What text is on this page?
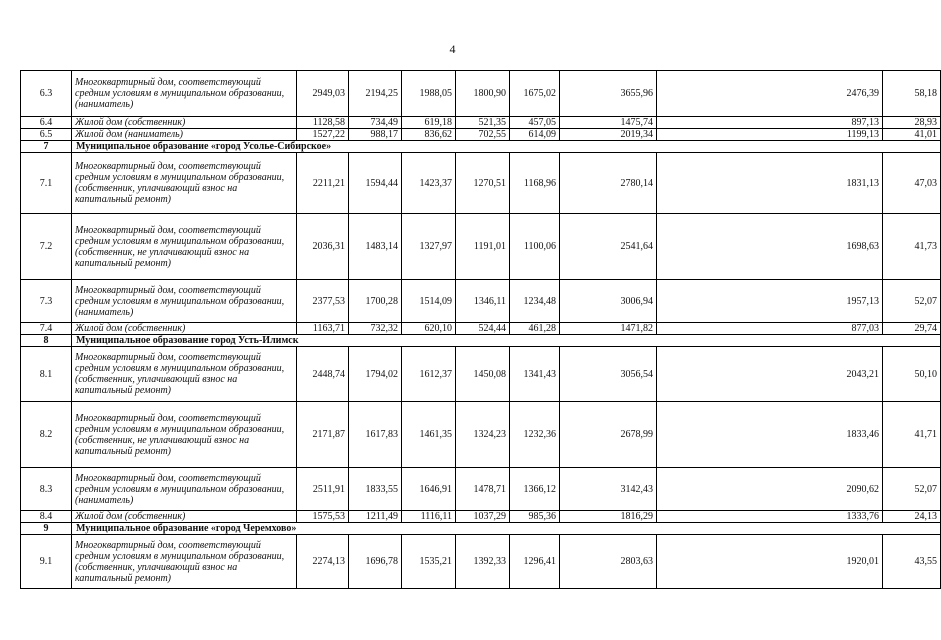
4
6.3	Многоквартирный дом, соответствующий средним условиям в муниципальном образовании, (наниматель)	2949,03	2194,25	1988,05	1800,90	1675,02	3655,96	2476,39	58,18
6.4	Жилой дом (собственник)	1128,58	734,49	619,18	521,35	457,05	1475,74	897,13	28,93
6.5	Жилой дом (наниматель)	1527,22	988,17	836,62	702,55	614,09	2019,34	1199,13	41,01
7	Муниципальное образование «город Усолье-Сибирское»								
7.1	Многоквартирный дом, соответствующий средним условиям в муниципальном образовании, (собственник, уплачивающий взнос на капитальный ремонт)	2211,21	1594,44	1423,37	1270,51	1168,96	2780,14	1831,13	47,03
7.2	Многоквартирный дом, соответствующий средним условиям в муниципальном образовании, (собственник, не уплачивающий взнос на капитальный ремонт)	2036,31	1483,14	1327,97	1191,01	1100,06	2541,64	1698,63	41,73
7.3	Многоквартирный дом, соответствующий средним условиям в муниципальном образовании, (наниматель)	2377,53	1700,28	1514,09	1346,11	1234,48	3006,94	1957,13	52,07
7.4	Жилой дом (собственник)	1163,71	732,32	620,10	524,44	461,28	1471,82	877,03	29,74
8	Муниципальное образование город Усть-Илимск								
8.1	Многоквартирный дом, соответствующий средним условиям в муниципальном образовании, (собственник, уплачивающий взнос на капитальный ремонт)	2448,74	1794,02	1612,37	1450,08	1341,43	3056,54	2043,21	50,10
8.2	Многоквартирный дом, соответствующий средним условиям в муниципальном образовании, (собственник, не уплачивающий взнос на капитальный ремонт)	2171,87	1617,83	1461,35	1324,23	1232,36	2678,99	1833,46	41,71
8.3	Многоквартирный дом, соответствующий средним условиям в муниципальном образовании, (наниматель)	2511,91	1833,55	1646,91	1478,71	1366,12	3142,43	2090,62	52,07
8.4	Жилой дом (собственник)	1575,53	1211,49	1116,11	1037,29	985,36	1816,29	1333,76	24,13
9	Муниципальное образование «город Черемхово»								
9.1	Многоквартирный дом, соответствующий средним условиям в муниципальном образовании, (собственник, уплачивающий взнос на капитальный ремонт)	2274,13	1696,78	1535,21	1392,33	1296,41	2803,63	1920,01	43,55
